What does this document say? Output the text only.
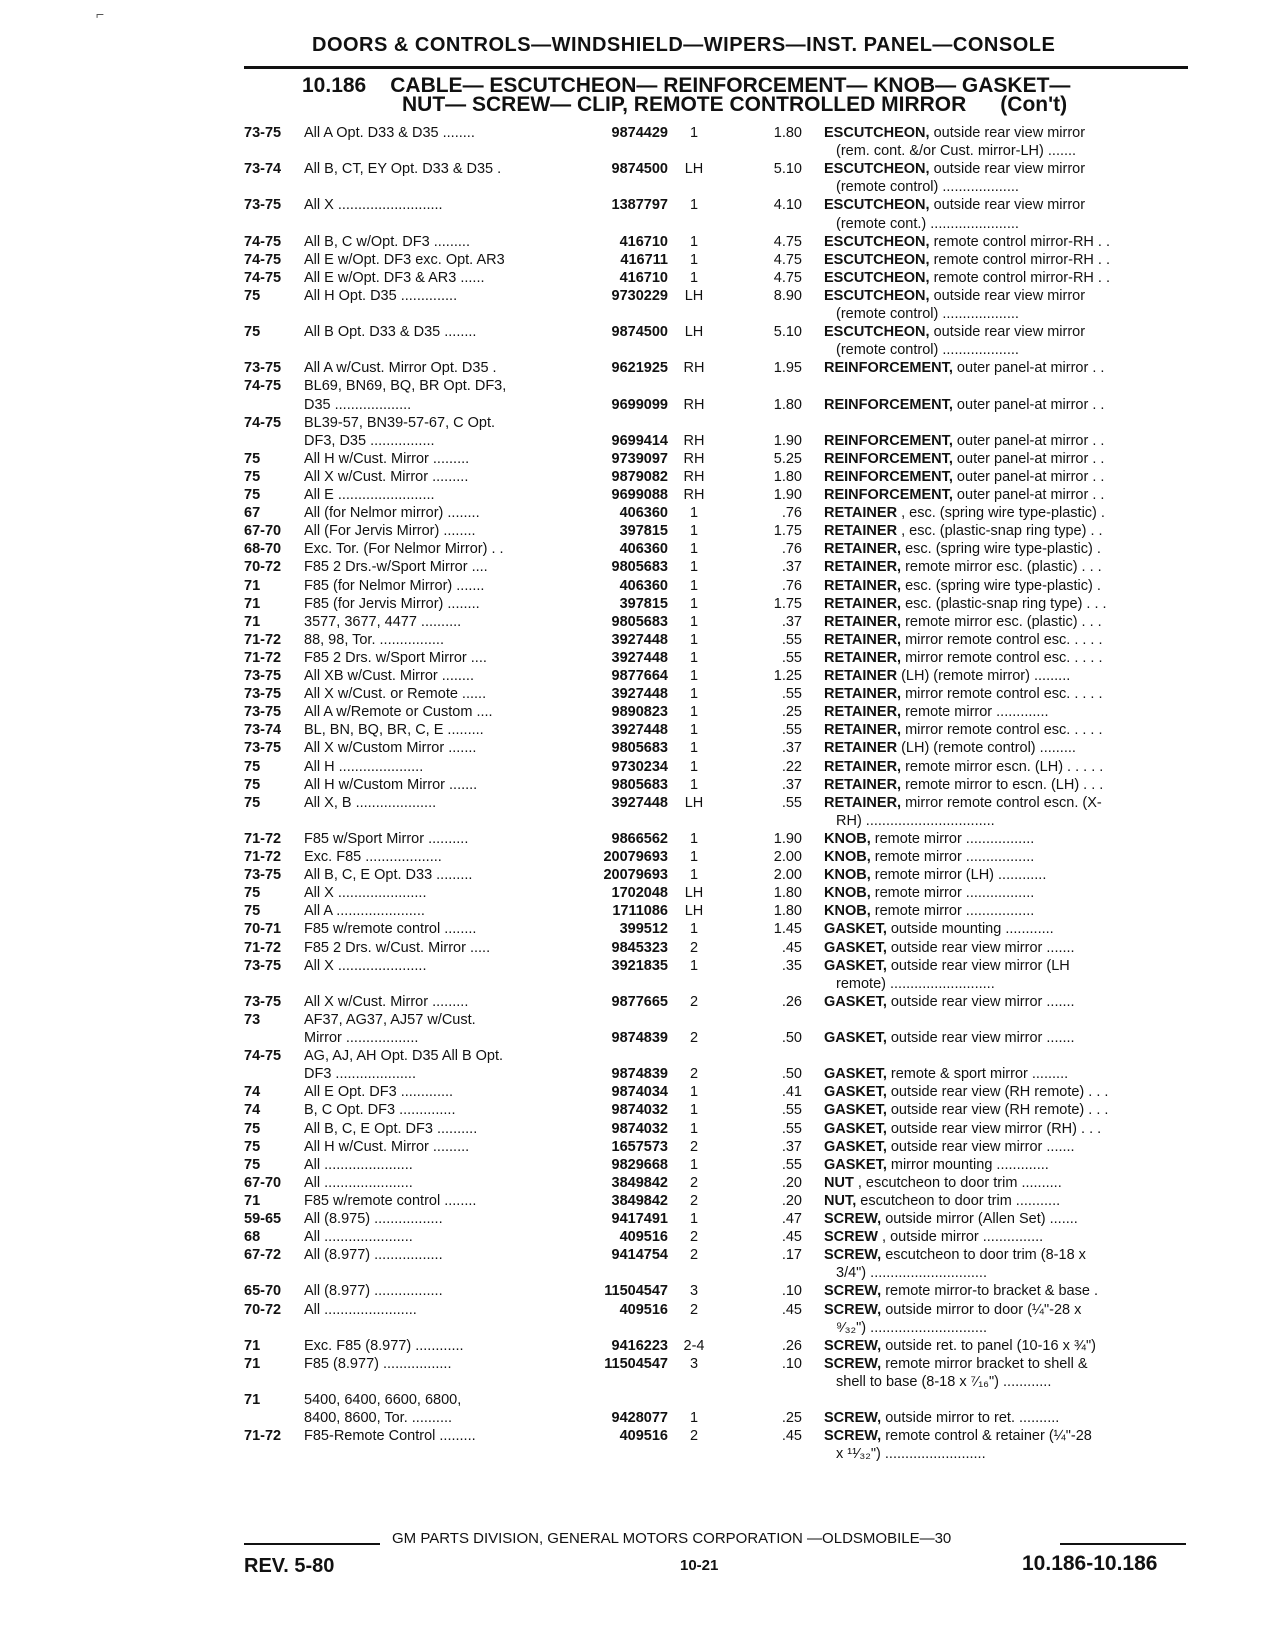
⌐
DOORS & CONTROLS—WINDSHIELD—WIPERS—INST. PANEL—CONSOLE
10.186 CABLE— ESCUTCHEON— REINFORCEMENT— KNOB— GASKET—
NUT— SCREW— CLIP, REMOTE CONTROLLED MIRROR (Con't)
73-75	All A Opt. D33 & D35 ........	9874429	1	1.80 ESCUTCHEON, outside rear view mirror
(rem. cont. &/or Cust. mirror-LH) .......
73-74	All B, CT, EY Opt. D33 & D35 .	9874500	LH	5.10 ESCUTCHEON, outside rear view mirror
(remote control) ...................
73-75	All X ..........................	1387797	1	4.10 ESCUTCHEON, outside rear view mirror
(remote cont.) ......................
74-75	All B, C w/Opt. DF3 .........	416710	1	4.75 ESCUTCHEON, remote control mirror-RH . .
74-75	All E w/Opt. DF3 exc. Opt. AR3	416711	1	4.75 ESCUTCHEON, remote control mirror-RH . .
74-75	All E w/Opt. DF3 & AR3 ......	416710	1	4.75 ESCUTCHEON, remote control mirror-RH . .
75	All H Opt. D35 ..............	9730229	LH	8.90 ESCUTCHEON, outside rear view mirror
(remote control) ...................
75	All B Opt. D33 & D35 ........	9874500	LH	5.10 ESCUTCHEON, outside rear view mirror
(remote control) ...................
73-75	All A w/Cust. Mirror Opt. D35 .	9621925	RH	1.95 REINFORCEMENT, outer panel-at mirror . .
74-75	BL69, BN69, BQ, BR Opt. DF3,
D35 ...................	9699099	RH	1.80 REINFORCEMENT, outer panel-at mirror . .
74-75	BL39-57, BN39-57-67, C Opt.
DF3, D35 ................	9699414	RH	1.90 REINFORCEMENT, outer panel-at mirror . .
75	All H w/Cust. Mirror .........	9739097	RH	5.25 REINFORCEMENT, outer panel-at mirror . .
75	All X w/Cust. Mirror .........	9879082	RH	1.80 REINFORCEMENT, outer panel-at mirror . .
75	All E ........................	9699088	RH	1.90 REINFORCEMENT, outer panel-at mirror . .
67	All (for Nelmor mirror) ........	406360	1	.76 RETAINER , esc. (spring wire type-plastic) .
67-70	All (For Jervis Mirror) ........	397815	1	1.75 RETAINER , esc. (plastic-snap ring type) . .
68-70	Exc. Tor. (For Nelmor Mirror) . .	406360	1	.76 RETAINER, esc. (spring wire type-plastic) .
70-72	F85 2 Drs.-w/Sport Mirror ....	9805683	1	.37 RETAINER, remote mirror esc. (plastic) . . .
71	F85 (for Nelmor Mirror) .......	406360	1	.76 RETAINER, esc. (spring wire type-plastic) .
71	F85 (for Jervis Mirror) ........	397815	1	1.75 RETAINER, esc. (plastic-snap ring type) . . .
71	3577, 3677, 4477 ..........	9805683	1	.37 RETAINER, remote mirror esc. (plastic) . . .
71-72	88, 98, Tor. ................	3927448	1	.55 RETAINER, mirror remote control esc. . . . .
71-72	F85 2 Drs. w/Sport Mirror ....	3927448	1	.55 RETAINER, mirror remote control esc. . . . .
73-75	All XB w/Cust. Mirror ........	9877664	1	1.25 RETAINER (LH) (remote mirror) .........
73-75	All X w/Cust. or Remote ......	3927448	1	.55 RETAINER, mirror remote control esc. . . . .
73-75	All A w/Remote or Custom ....	9890823	1	.25 RETAINER, remote mirror .............
73-74	BL, BN, BQ, BR, C, E .........	3927448	1	.55 RETAINER, mirror remote control esc. . . . .
73-75	All X w/Custom Mirror .......	9805683	1	.37 RETAINER (LH) (remote control) .........
75	All H .....................	9730234	1	.22 RETAINER, remote mirror escn. (LH) . . . . .
75	All H w/Custom Mirror .......	9805683	1	.37 RETAINER, remote mirror to escn. (LH) . . .
75	All X, B ....................	3927448	LH	.55 RETAINER, mirror remote control escn. (X-
RH) ................................
71-72	F85 w/Sport Mirror ..........	9866562	1	1.90 KNOB, remote mirror .................
71-72	Exc. F85 ...................	20079693	1	2.00 KNOB, remote mirror .................
73-75	All B, C, E Opt. D33 .........	20079693	1	2.00 KNOB, remote mirror (LH) ............
75	All X ......................	1702048	LH	1.80 KNOB, remote mirror .................
75	All A ......................	1711086	LH	1.80 KNOB, remote mirror .................
70-71	F85 w/remote control ........	399512	1	1.45 GASKET, outside mounting ............
71-72	F85 2 Drs. w/Cust. Mirror .....	9845323	2	.45 GASKET, outside rear view mirror .......
73-75	All X ......................	3921835	1	.35 GASKET, outside rear view mirror (LH
remote) ..........................
73-75	All X w/Cust. Mirror .........	9877665	2	.26 GASKET, outside rear view mirror .......
73	AF37, AG37, AJ57 w/Cust.
Mirror ..................	9874839	2	.50 GASKET, outside rear view mirror .......
74-75	AG, AJ, AH Opt. D35 All B Opt.
DF3 ....................	9874839	2	.50 GASKET, remote & sport mirror .........
74	All E Opt. DF3 .............	9874034	1	.41 GASKET, outside rear view (RH remote) . . .
74	B, C Opt. DF3 ..............	9874032	1	.55 GASKET, outside rear view (RH remote) . . .
75	All B, C, E Opt. DF3 ..........	9874032	1	.55 GASKET, outside rear view mirror (RH) . . .
75	All H w/Cust. Mirror .........	1657573	2	.37 GASKET, outside rear view mirror .......
75	All ......................	9829668	1	.55 GASKET, mirror mounting .............
67-70	All ......................	3849842	2	.20 NUT , escutcheon to door trim ..........
71	F85 w/remote control ........	3849842	2	.20 NUT, escutcheon to door trim ...........
59-65	All (8.975) .................	9417491	1	.47 SCREW, outside mirror (Allen Set) .......
68	All ......................	409516	2	.45 SCREW , outside mirror ...............
67-72	All (8.977) .................	9414754	2	.17 SCREW, escutcheon to door trim (8-18 x
3/4") .............................
65-70	All (8.977) .................	11504547	3	.10 SCREW, remote mirror-to bracket & base .
70-72	All .......................	409516	2	.45 SCREW, outside mirror to door (¼"-28 x
⁹⁄₃₂") .............................
71	Exc. F85 (8.977) ............	9416223	2-4	.26 SCREW, outside ret. to panel (10-16 x ¾")
71	F85 (8.977) .................	11504547	3	.10 SCREW, remote mirror bracket to shell &
shell to base (8-18 x ⁷⁄₁₆") ............
71	5400, 6400, 6600, 6800,
8400, 8600, Tor. ..........	9428077	1	.25 SCREW, outside mirror to ret. ..........
71-72	F85-Remote Control .........	409516	2	.45 SCREW, remote control & retainer (¼"-28
x ¹¹⁄₃₂") .........................
GM PARTS DIVISION, GENERAL MOTORS CORPORATION —OLDSMOBILE—30
REV. 5-80	10-21	10.186-10.186
